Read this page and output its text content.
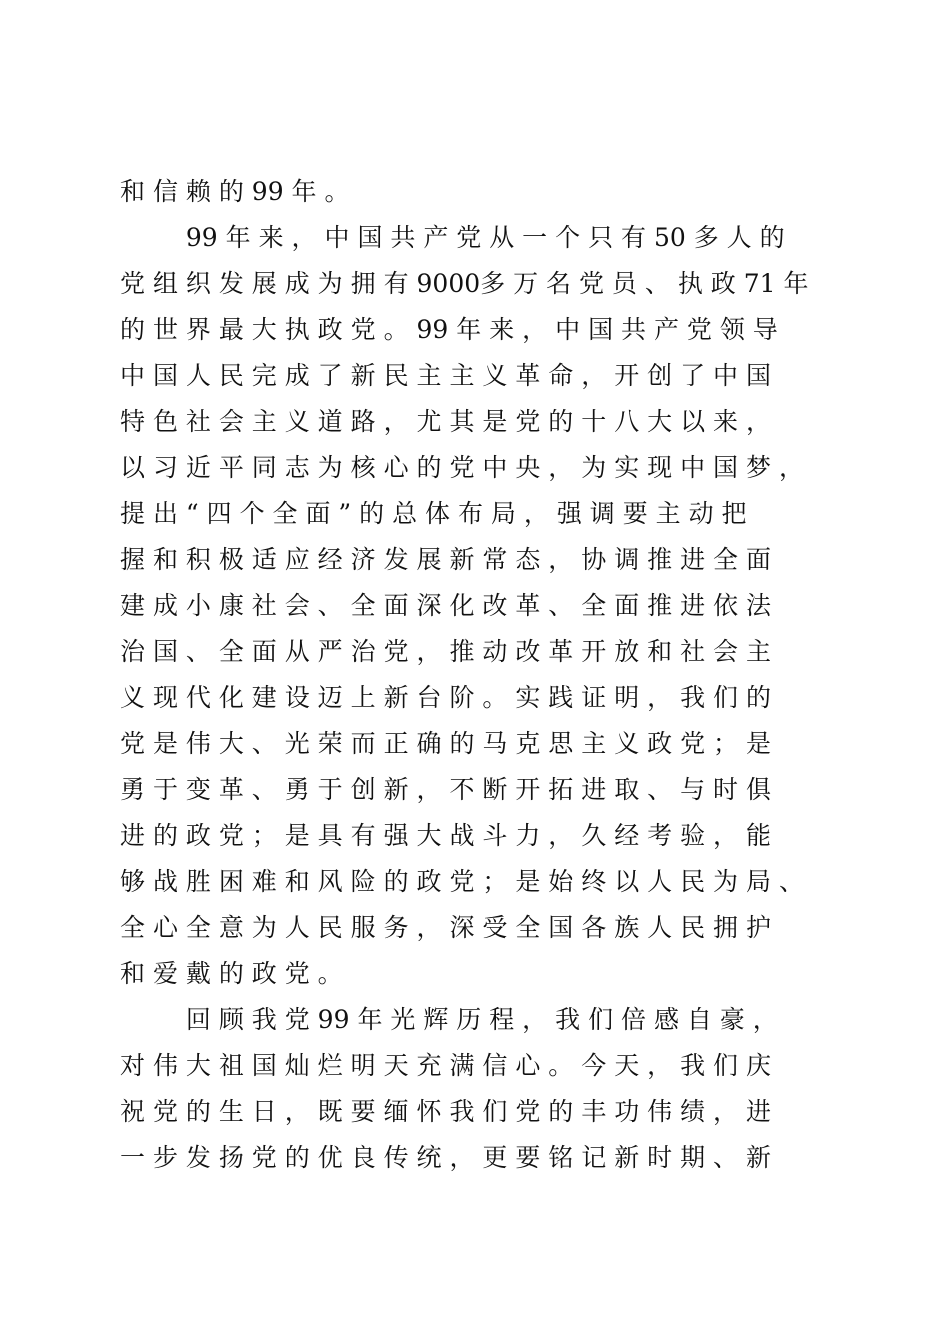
和 信 赖 的 99 年 。
　 　 99 年 来 ， 中 国 共 产 党 从 一 个 只 有 50 多 人 的
党 组 织 发 展 成 为 拥 有 9000多 万 名 党 员 、 执 政 71 年
的 世 界 最 大 执 政 党 。 99 年 来 ， 中 国 共 产 党 领 导
中 国 人 民 完 成 了 新 民 主 主 义 革 命 ， 开 创 了 中 国
特 色 社 会 主 义 道 路 ， 尤 其 是 党 的 十 八 大 以 来 ，
以 习 近 平 同 志 为 核 心 的 党 中 央 ， 为 实 现 中 国 梦 ，
提 出 “ 四 个 全 面 ” 的 总 体 布 局 ， 强 调 要 主 动 把
握 和 积 极 适 应 经 济 发 展 新 常 态 ， 协 调 推 进 全 面
建 成 小 康 社 会 、 全 面 深 化 改 革 、 全 面 推 进 依 法
治 国 、 全 面 从 严 治 党 ， 推 动 改 革 开 放 和 社 会 主
义 现 代 化 建 设 迈 上 新 台 阶 。 实 践 证 明 ， 我 们 的
党 是 伟 大 、 光 荣 而 正 确 的 马 克 思 主 义 政 党 ； 是
勇 于 变 革 、 勇 于 创 新 ， 不 断 开 拓 进 取 、 与 时 俱
进 的 政 党 ； 是 具 有 强 大 战 斗 力 ， 久 经 考 验 ， 能
够 战 胜 困 难 和 风 险 的 政 党 ； 是 始 终 以 人 民 为 局 、
全 心 全 意 为 人 民 服 务 ， 深 受 全 国 各 族 人 民 拥 护
和 爱 戴 的 政 党 。
　 　 回 顾 我 党 99 年 光 辉 历 程 ， 我 们 倍 感 自 豪 ，
对 伟 大 祖 国 灿 烂 明 天 充 满 信 心 。 今 天 ， 我 们 庆
祝 党 的 生 日 ， 既 要 缅 怀 我 们 党 的 丰 功 伟 绩 ， 进
一 步 发 扬 党 的 优 良 传 统 ， 更 要 铭 记 新 时 期 、 新
